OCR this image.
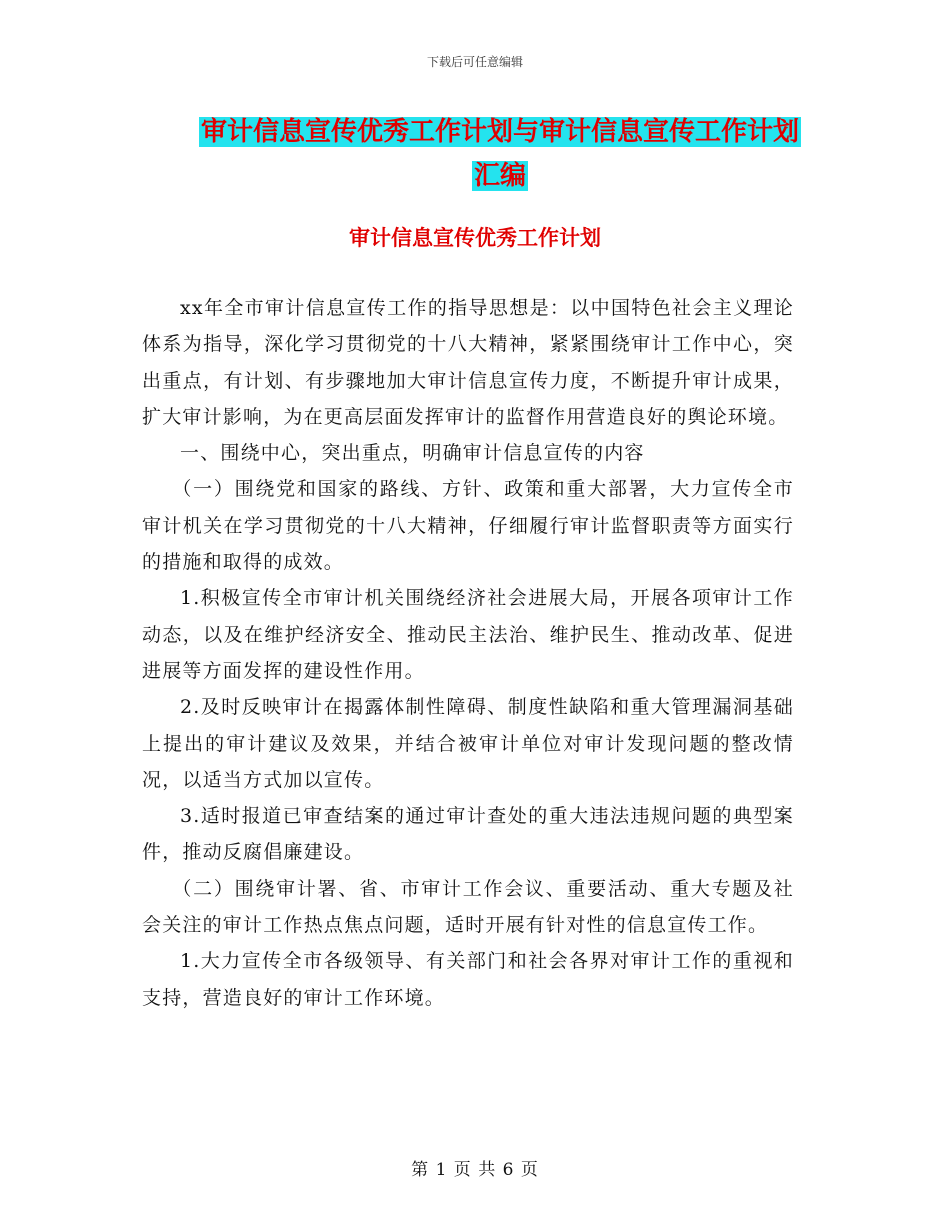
下载后可任意编辑
审计信息宣传优秀工作计划与审计信息宣传工作计划
汇编
审计信息宣传优秀工作计划

xx年全市审计信息宣传工作的指导思想是：以中国特色社会主义理论体系为指导，深化学习贯彻党的十八大精神，紧紧围绕审计工作中心，突出重点，有计划、有步骤地加大审计信息宣传力度，不断提升审计成果，扩大审计影响，为在更高层面发挥审计的监督作用营造良好的舆论环境。

一、围绕中心，突出重点，明确审计信息宣传的内容

（一）围绕党和国家的路线、方针、政策和重大部署，大力宣传全市审计机关在学习贯彻党的十八大精神，仔细履行审计监督职责等方面实行的措施和取得的成效。

1.积极宣传全市审计机关围绕经济社会进展大局，开展各项审计工作动态，以及在维护经济安全、推动民主法治、维护民生、推动改革、促进进展等方面发挥的建设性作用。

2.及时反映审计在揭露体制性障碍、制度性缺陷和重大管理漏洞基础上提出的审计建议及效果，并结合被审计单位对审计发现问题的整改情况，以适当方式加以宣传。

3.适时报道已审查结案的通过审计查处的重大违法违规问题的典型案件，推动反腐倡廉建设。

（二）围绕审计署、省、市审计工作会议、重要活动、重大专题及社会关注的审计工作热点焦点问题，适时开展有针对性的信息宣传工作。

1.大力宣传全市各级领导、有关部门和社会各界对审计工作的重视和支持，营造良好的审计工作环境。

第 1 页 共 6 页
